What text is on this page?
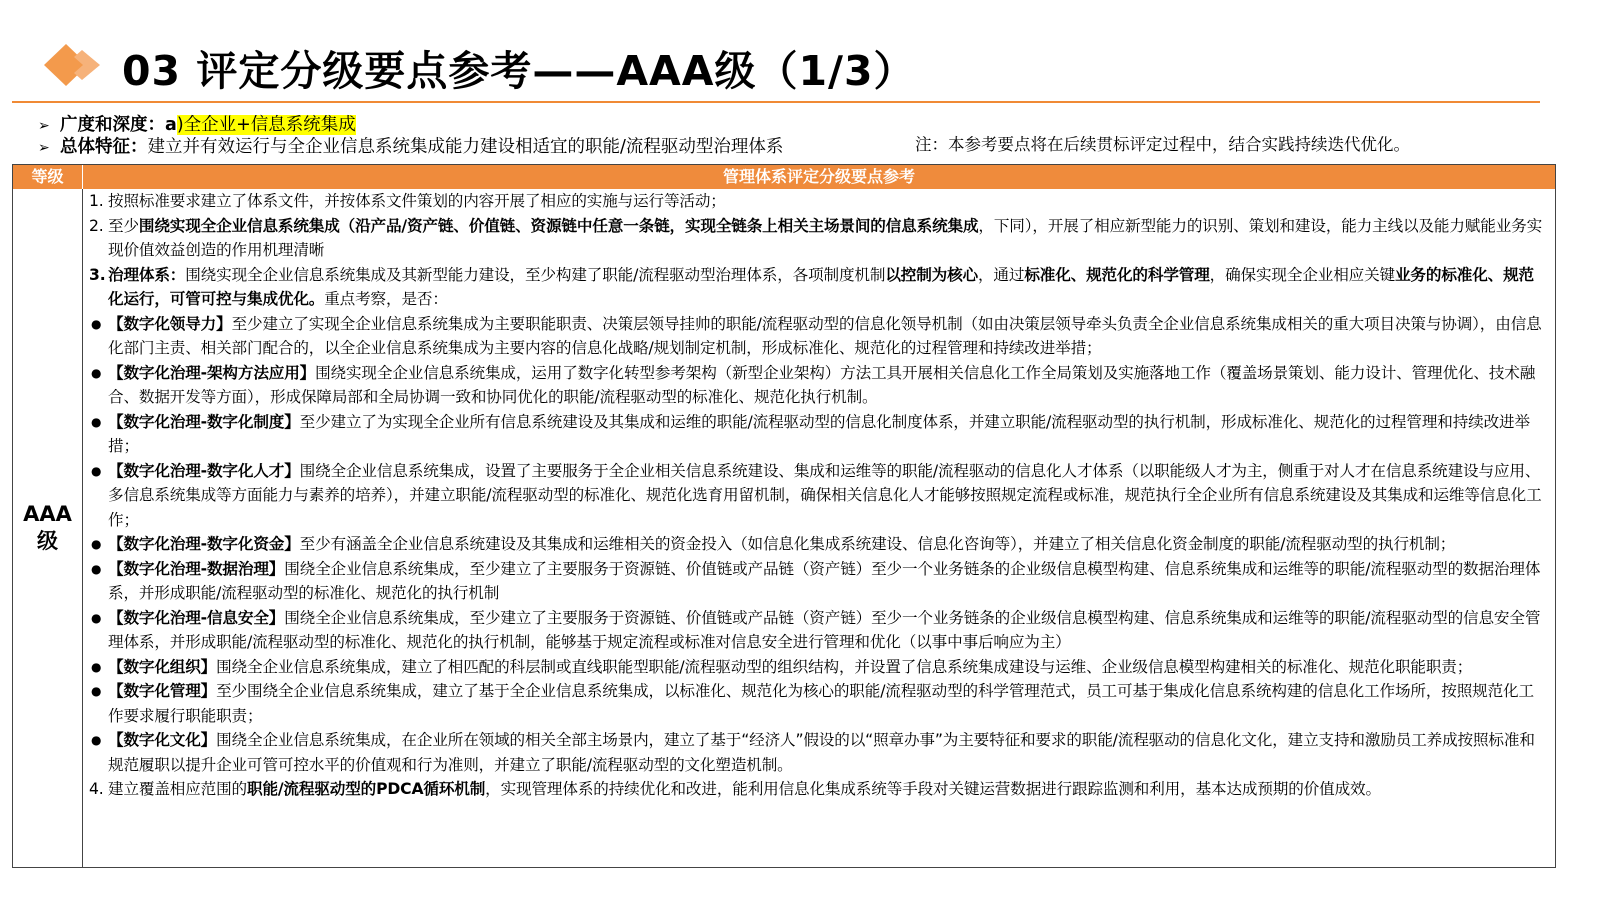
03 评定分级要点参考——AAA级（1/3）
➢ 广度和深度：a)全企业+信息系统集成
➢ 总体特征：建立并有效运行与全企业信息系统集成能力建设相适宜的职能/流程驱动型治理体系	注：本参考要点将在后续贯标评定过程中，结合实践持续迭代优化。
等级	管理体系评定分级要点参考
AAA
级
1. 按照标准要求建立了体系文件，并按体系文件策划的内容开展了相应的实施与运行等活动；
2. 至少围绕实现全企业信息系统集成（沿产品/资产链、价值链、资源链中任意一条链，实现全链条上相关主场景间的信息系统集成，下同），开展了相应新型能力的识别、策划和建设，能力主线以及能力赋能业务实现价值效益创造的作用机理清晰
3. 治理体系：围绕实现全企业信息系统集成及其新型能力建设，至少构建了职能/流程驱动型治理体系，各项制度机制以控制为核心，通过标准化、规范化的科学管理，确保实现全企业相应关键业务的标准化、规范化运行，可管可控与集成优化。重点考察，是否：
● 【数字化领导力】至少建立了实现全企业信息系统集成为主要职能职责、决策层领导挂帅的职能/流程驱动型的信息化领导机制（如由决策层领导牵头负责全企业信息系统集成相关的重大项目决策与协调），由信息化部门主责、相关部门配合的，以全企业信息系统集成为主要内容的信息化战略/规划制定机制，形成标准化、规范化的过程管理和持续改进举措；
● 【数字化治理-架构方法应用】围绕实现全企业信息系统集成，运用了数字化转型参考架构（新型企业架构）方法工具开展相关信息化工作全局策划及实施落地工作（覆盖场景策划、能力设计、管理优化、技术融合、数据开发等方面），形成保障局部和全局协调一致和协同优化的职能/流程驱动型的标准化、规范化执行机制。
● 【数字化治理-数字化制度】至少建立了为实现全企业所有信息系统建设及其集成和运维的职能/流程驱动型的信息化制度体系，并建立职能/流程驱动型的执行机制，形成标准化、规范化的过程管理和持续改进举措；
● 【数字化治理-数字化人才】围绕全企业信息系统集成，设置了主要服务于全企业相关信息系统建设、集成和运维等的职能/流程驱动的信息化人才体系（以职能级人才为主，侧重于对人才在信息系统建设与应用、多信息系统集成等方面能力与素养的培养），并建立职能/流程驱动型的标准化、规范化选育用留机制，确保相关信息化人才能够按照规定流程或标准，规范执行全企业所有信息系统建设及其集成和运维等信息化工作；
● 【数字化治理-数字化资金】至少有涵盖全企业信息系统建设及其集成和运维相关的资金投入（如信息化集成系统建设、信息化咨询等），并建立了相关信息化资金制度的职能/流程驱动型的执行机制；
● 【数字化治理-数据治理】围绕全企业信息系统集成，至少建立了主要服务于资源链、价值链或产品链（资产链）至少一个业务链条的企业级信息模型构建、信息系统集成和运维等的职能/流程驱动型的数据治理体系，并形成职能/流程驱动型的标准化、规范化的执行机制
● 【数字化治理-信息安全】围绕全企业信息系统集成，至少建立了主要服务于资源链、价值链或产品链（资产链）至少一个业务链条的企业级信息模型构建、信息系统集成和运维等的职能/流程驱动型的信息安全管理体系，并形成职能/流程驱动型的标准化、规范化的执行机制，能够基于规定流程或标准对信息安全进行管理和优化（以事中事后响应为主）
● 【数字化组织】围绕全企业信息系统集成，建立了相匹配的科层制或直线职能型职能/流程驱动型的组织结构，并设置了信息系统集成建设与运维、企业级信息模型构建相关的标准化、规范化职能职责；
● 【数字化管理】至少围绕全企业信息系统集成，建立了基于全企业信息系统集成，以标准化、规范化为核心的职能/流程驱动型的科学管理范式，员工可基于集成化信息系统构建的信息化工作场所，按照规范化工作要求履行职能职责；
● 【数字化文化】围绕全企业信息系统集成，在企业所在领域的相关全部主场景内，建立了基于“经济人”假设的以“照章办事”为主要特征和要求的职能/流程驱动的信息化文化，建立支持和激励员工养成按照标准和规范履职以提升企业可管可控水平的价值观和行为准则，并建立了职能/流程驱动型的文化塑造机制。
4. 建立覆盖相应范围的职能/流程驱动型的PDCA循环机制，实现管理体系的持续优化和改进，能利用信息化集成系统等手段对关键运营数据进行跟踪监测和利用，基本达成预期的价值成效。
